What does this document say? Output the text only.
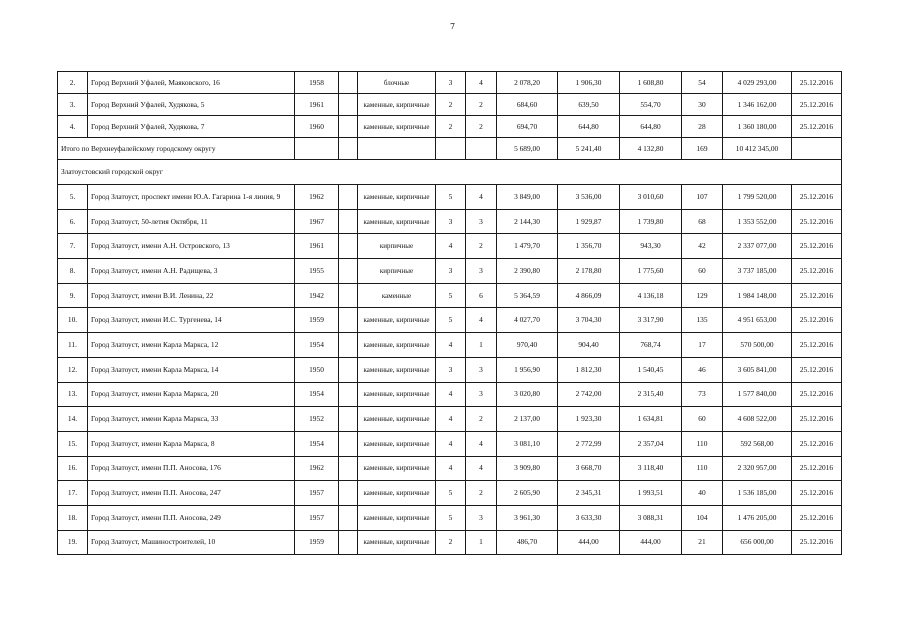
7
2.	Город Верхний Уфалей, Маяковского, 16	1958		блочные	3	4	2 078,20	1 906,30	1 608,80	54	4 029 293,00	25.12.2016
3.	Город Верхний Уфалей, Худякова, 5	1961		каменные, кирпичные	2	2	684,60	639,50	554,70	30	1 346 162,00	25.12.2016
4.	Город Верхний Уфалей, Худякова, 7	1960		каменные, кирпичные	2	2	694,70	644,80	644,80	28	1 360 180,00	25.12.2016
Итого по Верхнеуфалейскому городскому округу							5 689,00	5 241,40	4 132,80	169	10 412 345,00	
Златоустовский городской округ												
5.	Город Златоуст, проспект имени Ю.А. Гагарина 1-я линия, 9	1962		каменные, кирпичные	5	4	3 849,00	3 536,00	3 010,60	107	1 799 520,00	25.12.2016
6.	Город Златоуст, 50-летия Октября, 11	1967		каменные, кирпичные	3	3	2 144,30	1 929,87	1 739,80	68	1 353 552,00	25.12.2016
7.	Город Златоуст, имени А.Н. Островского, 13	1961		кирпичные	4	2	1 479,70	1 356,70	943,30	42	2 337 077,00	25.12.2016
8.	Город Златоуст, имени А.Н. Радищева, 3	1955		кирпичные	3	3	2 390,80	2 178,80	1 775,60	60	3 737 185,00	25.12.2016
9.	Город Златоуст, имени В.И. Ленина, 22	1942		каменные	5	6	5 364,59	4 866,09	4 136,18	129	1 984 148,00	25.12.2016
10.	Город Златоуст, имени И.С. Тургенева, 14	1959		каменные, кирпичные	5	4	4 027,70	3 704,30	3 317,90	135	4 951 653,00	25.12.2016
11.	Город Златоуст, имени Карла Маркса, 12	1954		каменные, кирпичные	4	1	970,40	904,40	768,74	17	570 500,00	25.12.2016
12.	Город Златоуст, имени Карла Маркса, 14	1950		каменные, кирпичные	3	3	1 956,90	1 812,30	1 540,45	46	3 605 841,00	25.12.2016
13.	Город Златоуст, имени Карла Маркса, 20	1954		каменные, кирпичные	4	3	3 020,80	2 742,00	2 315,40	73	1 577 840,00	25.12.2016
14.	Город Златоуст, имени Карла Маркса, 33	1952		каменные, кирпичные	4	2	2 137,00	1 923,30	1 634,81	60	4 608 522,00	25.12.2016
15.	Город Златоуст, имени Карла Маркса, 8	1954		каменные, кирпичные	4	4	3 081,10	2 772,99	2 357,04	110	592 568,00	25.12.2016
16.	Город Златоуст, имени П.П. Аносова, 176	1962		каменные, кирпичные	4	4	3 909,80	3 668,70	3 118,40	110	2 320 957,00	25.12.2016
17.	Город Златоуст, имени П.П. Аносова, 247	1957		каменные, кирпичные	5	2	2 605,90	2 345,31	1 993,51	40	1 536 185,00	25.12.2016
18.	Город Златоуст, имени П.П. Аносова, 249	1957		каменные, кирпичные	5	3	3 961,30	3 633,30	3 088,31	104	1 476 205,00	25.12.2016
19.	Город Златоуст, Машиностроителей, 10	1959		каменные, кирпичные	2	1	486,70	444,00	444,00	21	656 000,00	25.12.2016
